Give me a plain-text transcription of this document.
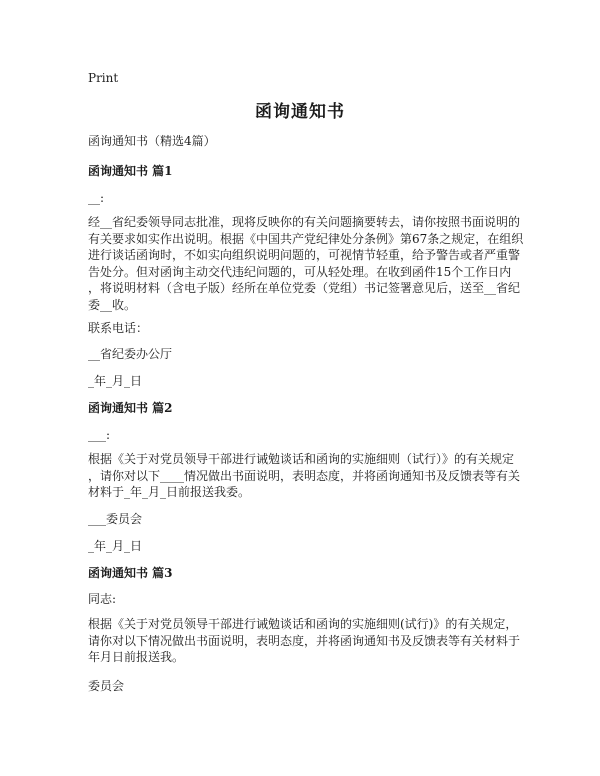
Print
函询通知书
函询通知书（精选4篇）
函询通知书 篇1
__:

经__省纪委领导同志批准，现将反映你的有关问题摘要转去，请你按照书面说明的

有关要求如实作出说明。根据《中国共产党纪律处分条例》第67条之规定，在组织

进行谈话函询时，不如实向组织说明问题的，可视情节轻重，给予警告或者严重警

告处分。但对函询主动交代违纪问题的，可从轻处理。在收到函件15个工作日内

，将说明材料（含电子版）经所在单位党委（党组）书记签署意见后，送至__省纪

委__收。

联系电话：
__省纪委办公厅
_年_月_日
函询通知书 篇2
___:

根据《关于对党员领导干部进行诫勉谈话和函询的实施细则（试行）》的有关规定

，请你对以下____情况做出书面说明，表明态度，并将函询通知书及反馈表等有关

材料于_年_月_日前报送我委。

___委员会
_年_月_日
函询通知书 篇3
同志:

根据《关于对党员领导干部进行诫勉谈话和函询的实施细则(试行)》的有关规定，

请你对以下情况做出书面说明，表明态度，并将函询通知书及反馈表等有关材料于

年月日前报送我。

委员会
